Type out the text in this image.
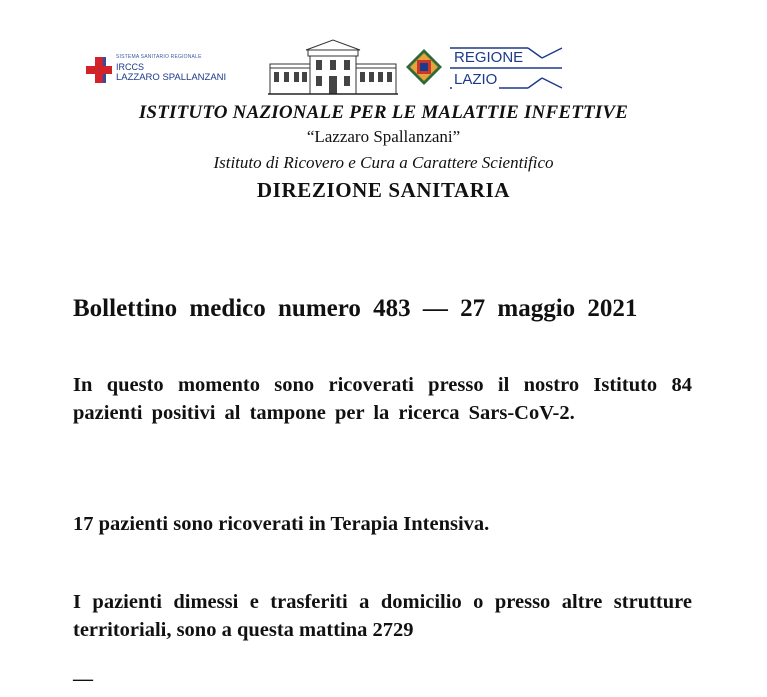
SISTEMA SANITARIO REGIONALE
IRCCS
LAZZARO SPALLANZANI
REGIONE
LAZIO
ISTITUTO NAZIONALE PER LE MALATTIE INFETTIVE
“Lazzaro Spallanzani”
Istituto di Ricovero e Cura a Carattere Scientifico
DIREZIONE SANITARIA
Bollettino medico numero 483 — 27 maggio 2021
In questo momento sono ricoverati presso il nostro Istituto 84 pazienti positivi al tampone per la ricerca Sars-CoV-2.
17 pazienti sono ricoverati in Terapia Intensiva.
I pazienti dimessi e trasferiti a domicilio o presso altre strutture territoriali, sono a questa mattina 2729
—
